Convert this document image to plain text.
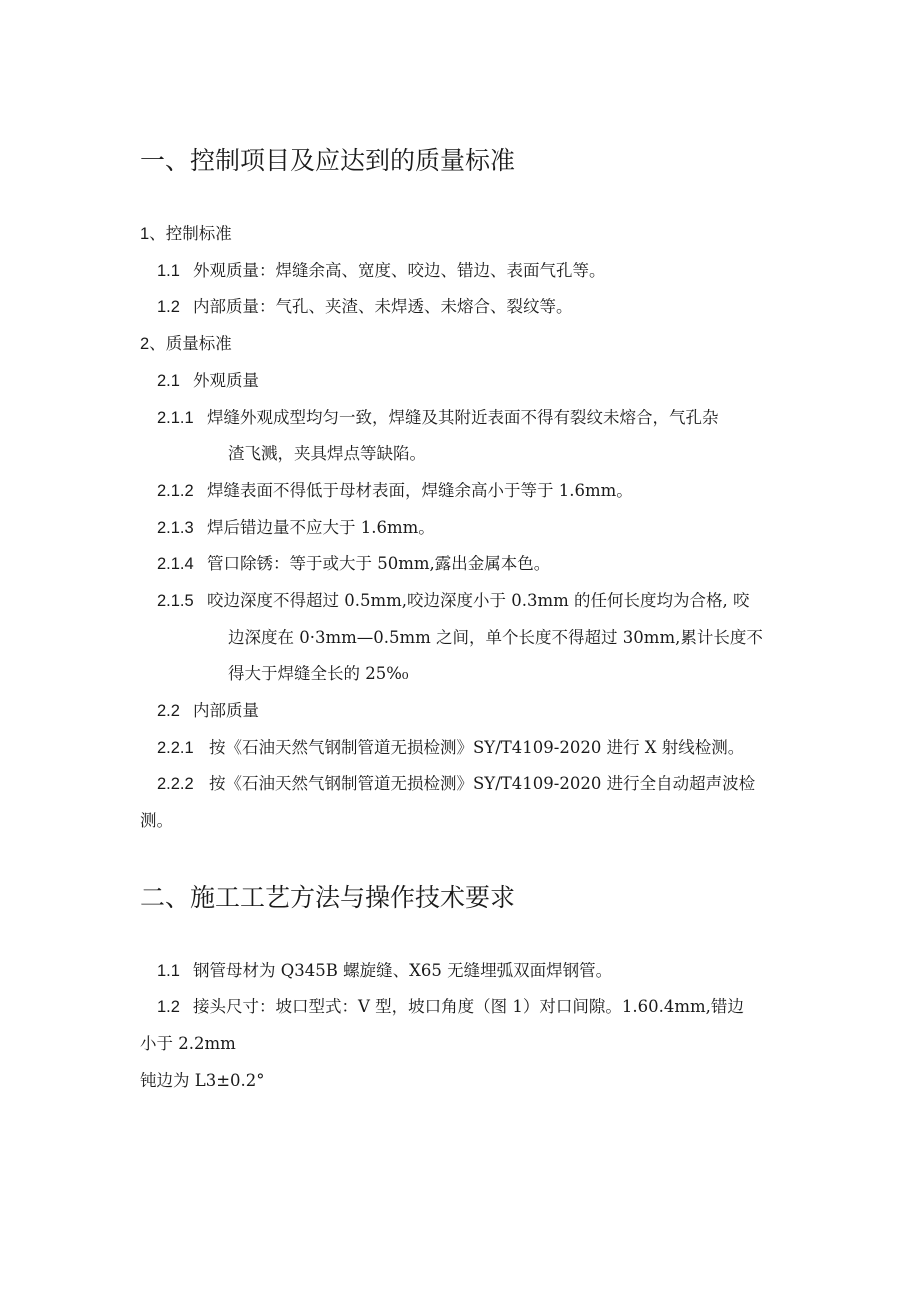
一、控制项目及应达到的质量标准

1、控制标准

1.1 外观质量：焊缝余高、宽度、咬边、错边、表面气孔等。

1.2 内部质量：气孔、夹渣、未焊透、未熔合、裂纹等。

2、质量标准

2.1 外观质量

2.1.1 焊缝外观成型均匀一致，焊缝及其附近表面不得有裂纹未熔合，气孔杂

渣飞溅，夹具焊点等缺陷。

2.1.2 焊缝表面不得低于母材表面，焊缝余高小于等于 1.6mm。

2.1.3 焊后错边量不应大于 1.6mm。

2.1.4 管口除锈：等于或大于 50mm,露出金属本色。

2.1.5 咬边深度不得超过 0.5mm,咬边深度小于 0.3mm 的任何长度均为合格, 咬

边深度在 0·3mm—0.5mm 之间，单个长度不得超过 30mm,累计长度不

得大于焊缝全长的 25%₀

2.2 内部质量

2.2.1 按《石油天然气钢制管道无损检测》SY/T4109-2020 进行 X 射线检测。

2.2.2 按《石油天然气钢制管道无损检测》SY/T4109-2020 进行全自动超声波检

测。

二、施工工艺方法与操作技术要求

1.1 钢管母材为 Q345B 螺旋缝、X65 无缝埋弧双面焊钢管。

1.2 接头尺寸：坡口型式：V 型，坡口角度（图 1）对口间隙。1.60.4mm,错边

小于 2.2mm

钝边为 L3±0.2°
